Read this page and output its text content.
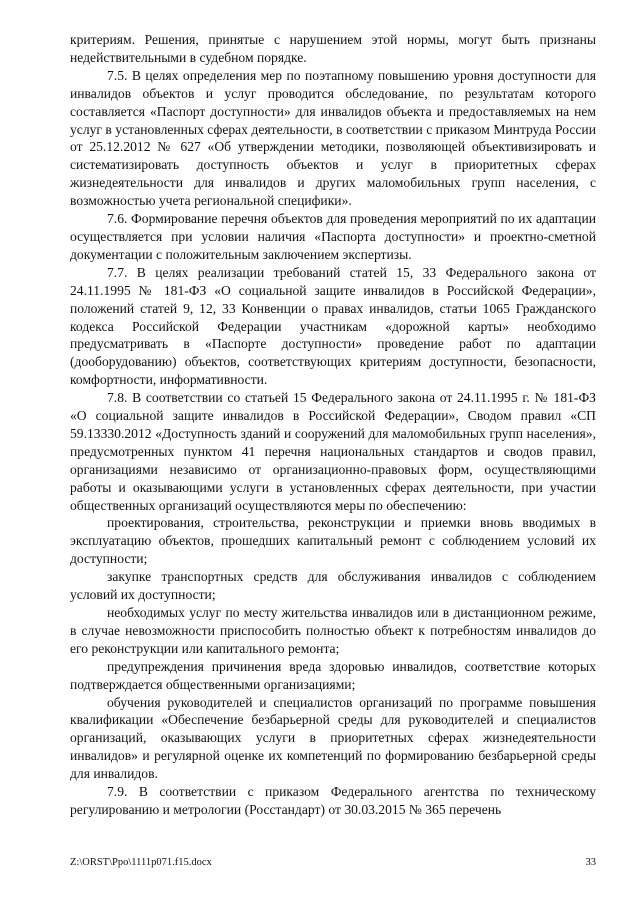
критериям. Решения, принятые с нарушением этой нормы, могут быть признаны недействительными в судебном порядке.

7.5. В целях определения мер по поэтапному повышению уровня доступности для инвалидов объектов и услуг проводится обследование, по результатам которого составляется «Паспорт доступности» для инвалидов объекта и предоставляемых на нем услуг в установленных сферах деятельности, в соответствии с приказом Минтруда России от 25.12.2012 № 627 «Об утверждении методики, позволяющей объективизировать и систематизировать доступность объектов и услуг в приоритетных сферах жизнедеятельности для инвалидов и других маломобильных групп населения, с возможностью учета региональной специфики».

7.6. Формирование перечня объектов для проведения мероприятий по их адаптации осуществляется при условии наличия «Паспорта доступности» и проектно-сметной документации с положительным заключением экспертизы.

7.7. В целях реализации требований статей 15, 33 Федерального закона от 24.11.1995 № 181-ФЗ «О социальной защите инвалидов в Российской Федерации», положений статей 9, 12, 33 Конвенции о правах инвалидов, статьи 1065 Гражданского кодекса Российской Федерации участникам «дорожной карты» необходимо предусматривать в «Паспорте доступности» проведение работ по адаптации (дооборудованию) объектов, соответствующих критериям доступности, безопасности, комфортности, информативности.

7.8. В соответствии со статьей 15 Федерального закона от 24.11.1995 г. № 181-ФЗ «О социальной защите инвалидов в Российской Федерации», Сводом правил «СП 59.13330.2012 «Доступность зданий и сооружений для маломобильных групп населения», предусмотренных пунктом 41 перечня национальных стандартов и сводов правил, организациями независимо от организационно-правовых форм, осуществляющими работы и оказывающими услуги в установленных сферах деятельности, при участии общественных организаций осуществляются меры по обеспечению:

проектирования, строительства, реконструкции и приемки вновь вводимых в эксплуатацию объектов, прошедших капитальный ремонт с соблюдением условий их доступности;

закупке транспортных средств для обслуживания инвалидов с соблюдением условий их доступности;

необходимых услуг по месту жительства инвалидов или в дистанционном режиме, в случае невозможности приспособить полностью объект к потребностям инвалидов до его реконструкции или капитального ремонта;

предупреждения причинения вреда здоровью инвалидов, соответствие которых подтверждается общественными организациями;

обучения руководителей и специалистов организаций по программе повышения квалификации «Обеспечение безбарьерной среды для руководителей и специалистов организаций, оказывающих услуги в приоритетных сферах жизнедеятельности инвалидов» и регулярной оценке их компетенций по формированию безбарьерной среды для инвалидов.

7.9. В соответствии с приказом Федерального агентства по техническому регулированию и метрологии (Росстандарт) от 30.03.2015 № 365 перечень

Z:\ORST\Ppo\1111p071.f15.docx	33
